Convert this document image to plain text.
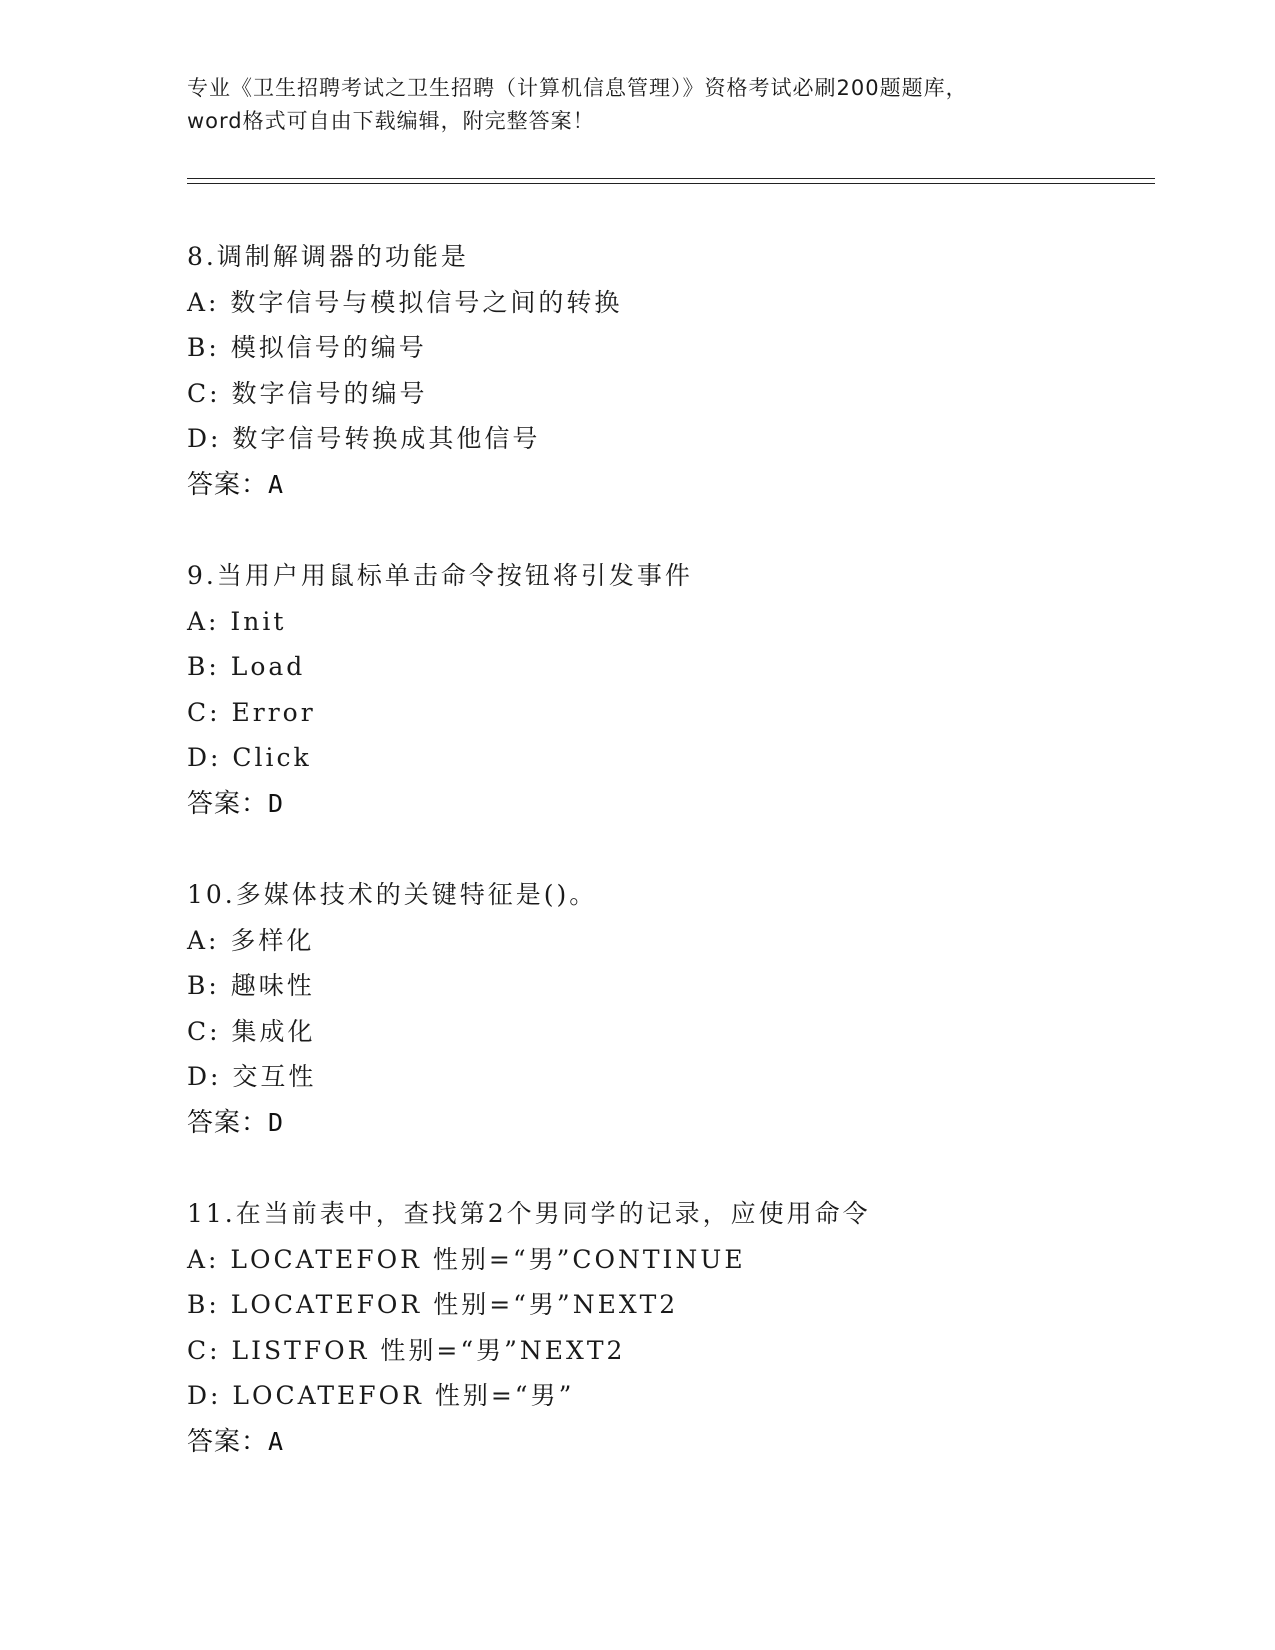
专业《卫生招聘考试之卫生招聘（计算机信息管理）》资格考试必刷200题题库，
word格式可自由下载编辑，附完整答案！
8.调制解调器的功能是
A: 数字信号与模拟信号之间的转换
B: 模拟信号的编号
C: 数字信号的编号
D: 数字信号转换成其他信号
答案：A
9.当用户用鼠标单击命令按钮将引发事件
A: Init
B: Load
C: Error
D: Click
答案：D
10.多媒体技术的关键特征是()。
A: 多样化
B: 趣味性
C: 集成化
D: 交互性
答案：D
11.在当前表中，查找第2个男同学的记录，应使用命令
A: LOCATEFOR 性别=“男”CONTINUE
B: LOCATEFOR 性别=“男”NEXT2
C: LISTFOR 性别=“男”NEXT2
D: LOCATEFOR 性别=“男”
答案：A
